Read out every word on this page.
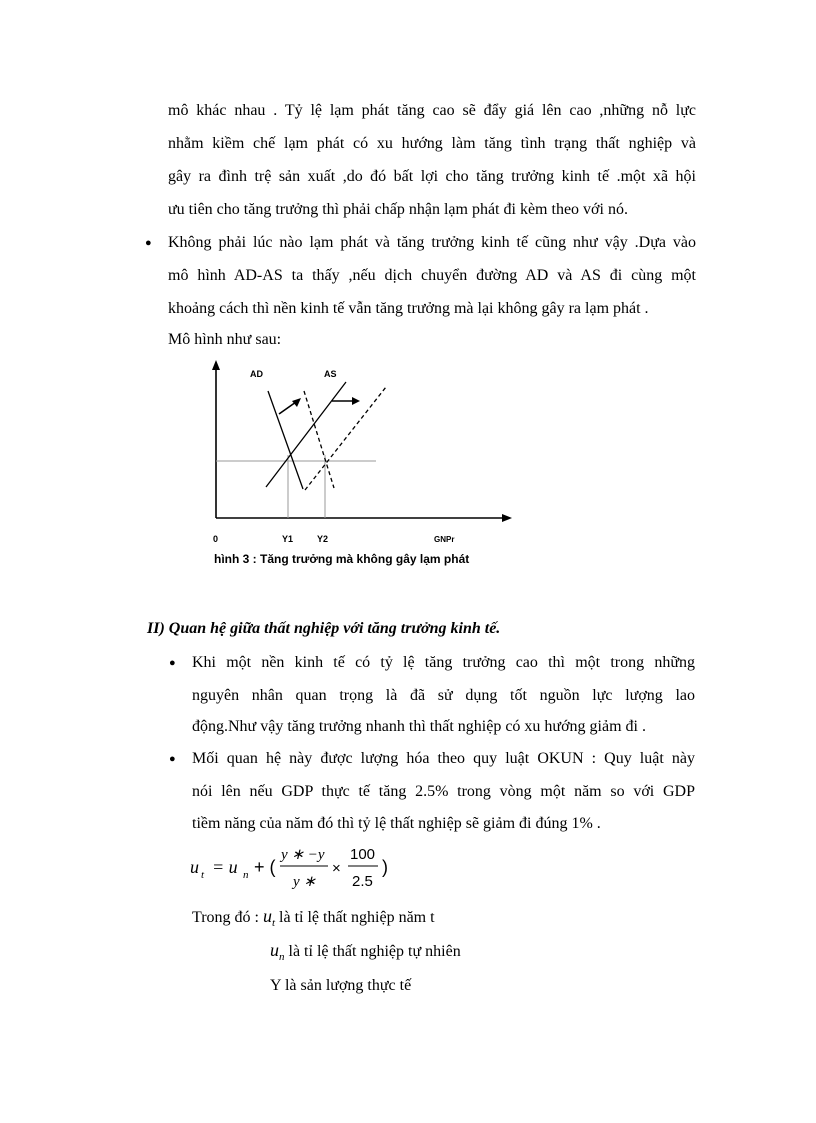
mô khác nhau . Tỷ lệ lạm phát tăng cao sẽ đẩy giá lên cao ,những nỗ lực
nhằm kiềm chế lạm phát có xu hướng làm tăng tình trạng thất nghiệp và
gây ra đình trệ sản xuất ,do đó bất lợi cho tăng trưởng kinh tế .một xã hội
ưu tiên cho tăng trưởng thì phải chấp nhận lạm phát đi kèm theo với nó.
● Không phải lúc nào lạm phát và tăng trưởng kinh tế cũng như vậy .Dựa vào
mô hình AD-AS ta thấy ,nếu dịch chuyển đường AD và AS đi cùng một
khoảng cách thì nền kinh tế vẫn tăng trưởng mà lại không gây ra lạm phát .
Mô hình như sau:
AD	AS
0	Y1	Y2	GNPr
hình 3 : Tăng trưởng mà không gây lạm phát
II) Quan hệ giữa thất nghiệp với tăng trưởng kinh tế.
● Khi một nền kinh tế có tỷ lệ tăng trưởng cao thì một trong những
nguyên nhân quan trọng là đã sử dụng tốt nguồn lực lượng lao
động.Như vậy tăng trưởng nhanh thì thất nghiệp có xu hướng giảm đi .
● Mối quan hệ này được lượng hóa theo quy luật OKUN : Quy luật này
nói lên nếu GDP thực tế tăng 2.5% trong vòng một năm so với GDP
tiềm năng của năm đó thì tỷ lệ thất nghiệp sẽ giảm đi đúng 1% .
u t = u n + (
y ∗ −y
y ∗
×
100
2.5
)
Trong đó : $u_t$ là tỉ lệ thất nghiệp năm t
$u_n$ là tỉ lệ thất nghiệp tự nhiên
Y là sản lượng thực tế
